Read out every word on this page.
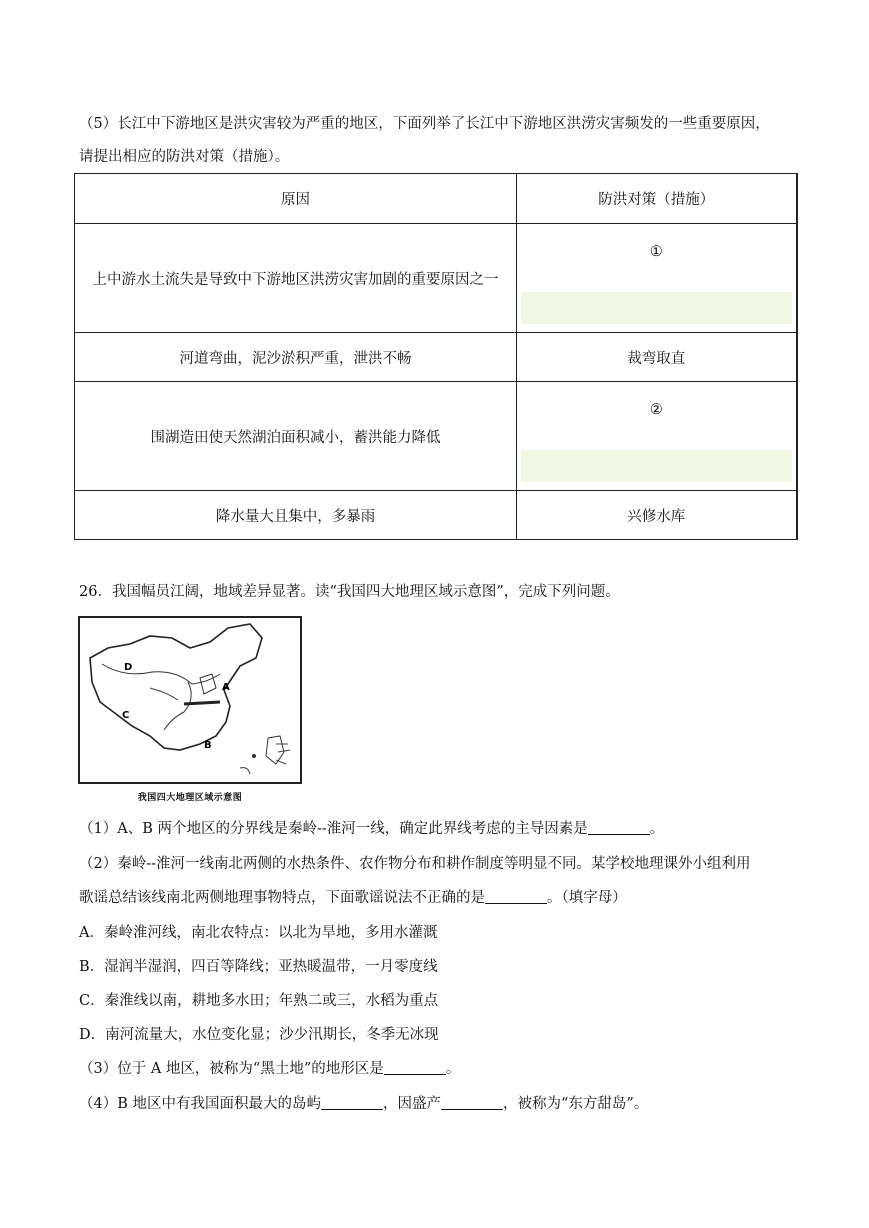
（5）长江中下游地区是洪灾害较为严重的地区，下面列举了长江中下游地区洪涝灾害频发的一些重要原因，
请提出相应的防洪对策（措施）。
原因	防洪对策（措施）
上中游水土流失是导致中下游地区洪涝灾害加剧的重要原因之一	①

河道弯曲，泥沙淤积严重，泄洪不畅	裁弯取直
围湖造田使天然湖泊面积减小，蓄洪能力降低	②

降水量大且集中，多暴雨	兴修水库
26．我国幅员江阔，地域差异显著。读“我国四大地理区域示意图”，完成下列问题。
D
C
A
B
我国四大地理区域示意图
（1）A、B 两个地区的分界线是秦岭--淮河一线，确定此界线考虑的主导因素是	。
（2）秦岭--淮河一线南北两侧的水热条件、农作物分布和耕作制度等明显不同。某学校地理课外小组利用
歌谣总结该线南北两侧地理事物特点，下面歌谣说法不正确的是	。（填字母）
A．秦岭淮河线，南北农特点：以北为旱地，多用水灌溉
B．湿润半湿润，四百等降线；亚热暖温带，一月零度线
C．秦淮线以南，耕地多水田；年熟二或三，水稻为重点
D．南河流量大，水位变化显；沙少汛期长，冬季无冰现
（3）位于 A 地区，被称为“黑土地”的地形区是	。
（4）B 地区中有我国面积最大的岛屿	，因盛产	，被称为“东方甜岛”。
